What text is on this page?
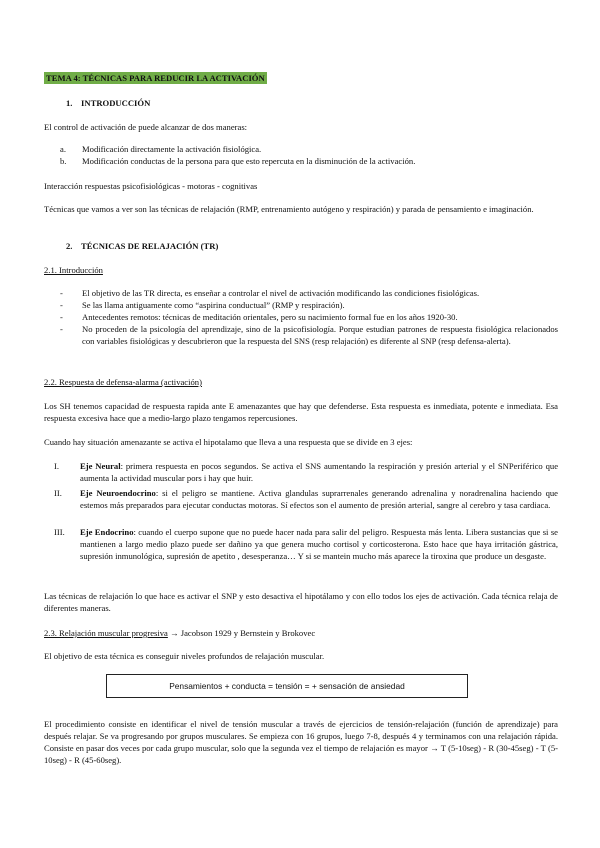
TEMA 4: TÉCNICAS PARA REDUCIR LA ACTIVACIÓN
1. INTRODUCCIÓN
El control de activación de puede alcanzar de dos maneras:
a. Modificación directamente la activación fisiológica.
b. Modificación conductas de la persona para que esto repercuta en la disminución de la activación.
Interacción respuestas psicofisiológicas - motoras - cognitivas
Técnicas que vamos a ver son las técnicas de relajación (RMP, entrenamiento autógeno y respiración) y parada de pensamiento e imaginación.
2. TÉCNICAS DE RELAJACIÓN (TR)
2.1. Introducción
- El objetivo de las TR directa, es enseñar a controlar el nivel de activación modificando las condiciones fisiológicas.
- Se las llama antiguamente como “aspirina conductual” (RMP y respiración).
- Antecedentes remotos: técnicas de meditación orientales, pero su nacimiento formal fue en los años 1920-30.
- No proceden de la psicología del aprendizaje, sino de la psicofisiología. Porque estudian patrones de respuesta fisiológica relacionados con variables fisiológicas y descubrieron que la respuesta del SNS (resp relajación) es diferente al SNP (resp defensa-alerta).
2.2. Respuesta de defensa-alarma (activación)
Los SH tenemos capacidad de respuesta rapida ante E amenazantes que hay que defenderse. Esta respuesta es inmediata, potente e inmediata. Esa respuesta excesiva hace que a medio-largo plazo tengamos repercusiones.
Cuando hay situación amenazante se activa el hipotalamo que lleva a una respuesta que se divide en 3 ejes:
I. Eje Neural: primera respuesta en pocos segundos. Se activa el SNS aumentando la respiración y presión arterial y el SNPeriférico que aumenta la actividad muscular pors i hay que huir.
II. Eje Neuroendocrino: si el peligro se mantiene. Activa glandulas suprarrenales generando adrenalina y noradrenalina haciendo que estemos más preparados para ejecutar conductas motoras. Sí efectos son el aumento de presión arterial, sangre al cerebro y tasa cardiaca.
III. Eje Endocrino: cuando el cuerpo supone que no puede hacer nada para salir del peligro. Respuesta más lenta. Libera sustancias que si se mantienen a largo medio plazo puede ser dañino ya que genera mucho cortisol y corticosterona. Esto hace que haya irritación gástrica, supresión inmunológica, supresión de apetito , desesperanza… Y si se mantein mucho más aparece la tiroxina que produce un desgaste.
Las técnicas de relajación lo que hace es activar el SNP y esto desactiva el hipotálamo y con ello todos los ejes de activación. Cada técnica relaja de diferentes maneras.
2.3. Relajación muscular progresiva → Jacobson 1929 y Bernstein y Brokovec
El objetivo de esta técnica es conseguir niveles profundos de relajación muscular.
Pensamientos + conducta = tensión = + sensación de ansiedad
El procedimiento consiste en identificar el nivel de tensión muscular a través de ejercicios de tensión-relajación (función de aprendizaje) para después relajar. Se va progresando por grupos musculares. Se empieza con 16 grupos, luego 7-8, después 4 y terminamos con una relajación rápida. Consiste en pasar dos veces por cada grupo muscular, solo que la segunda vez el tiempo de relajación es mayor → T (5-10seg) - R (30-45seg) - T (5-10seg) - R (45-60seg).
